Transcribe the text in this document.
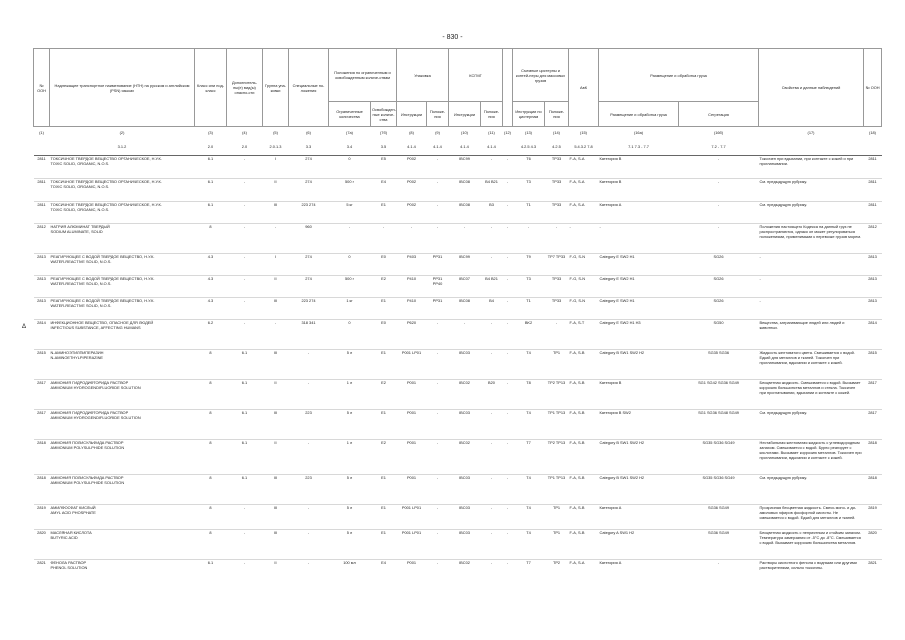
- 830 -
№ ООН	Надлежащее транспортное наименование (НТН) на русском и английском (PSN) языках	Класс или под-класс	Дополнитель-ны(е) вид(ы) опасно-сти	Группа упа-ковки	Специальные по-ложения	Положения по ограниченным и освобожденным количе-ствам		Упаковка		КСГМГ			Съемные цистерны и контей-неры для массовых грузов		АвК	Размещение и обработка груза		Свойства и данные наблюдений	№ ООН
						Ограниченные количества	Освобожден-ные количе-ства	Инструкции	Положе-ния	Инструкции	Положе-ния		Инструкции по цистернам	Положе-ния		Размещение и обработка груза	Сегрегация		
(1)	(2)	(3)	(4)	(5)	(6)	(7a)	(7б)	(8)	(9)	(10)	(11)	(12)	(13)	(14)	(15)	(16a)	(16б)	(17)	(18)
	3.1.2	2.0	2.0	2.0.1.3	3.3	3.4	3.5	4.1.4	4.1.4	4.1.4	4.1.4		4.2.5 4.3	4.2.5	5.4.3.2 7.8	7.1 7.3 - 7.7	7.2 - 7.7		
2811	ТОКСИЧНОЕ ТВЕРДОЕ ВЕЩЕСТВО ОРГАНИЧЕСКОЕ, Н.У.К.
TOXIC SOLID, ORGANIC, N.O.S.	6.1	-	I	274	0	E5	P002	-	IBC99	-	-	T6	TP33	F-A, S-A	Категория B	-	Токсичен при вдыхании, при контакте с кожей и при проглатывании.	2811
2811	ТОКСИЧНОЕ ТВЕРДОЕ ВЕЩЕСТВО ОРГАНИЧЕСКОЕ, Н.У.К.
TOXIC SOLID, ORGANIC, N.O.S.	6.1	-	II	274	500 г	E4	P002	-	IBC08	B4 B21	-	T3	TP33	F-A, S-A	Категория B	-	См. предыдущую рубрику.	2811
2811	ТОКСИЧНОЕ ТВЕРДОЕ ВЕЩЕСТВО ОРГАНИЧЕСКОЕ, Н.У.К.
TOXIC SOLID, ORGANIC, N.O.S.	6.1	-	III	223 274	5 кг	E1	P002	-	IBC08	B3	-	T1	TP33	F-A, S-A	Категория A	-	См. предыдущую рубрику.	2811
2812	НАТРИЯ АЛЮМИНАТ ТВЕРДЫЙ
SODIUM ALUMINATE, SOLID	8	-	-	960	-	-	-	-	-	-	-	-	-	-	-	-	Положения настоящего Кодекса на данный груз не распространяются, однако он может регулироваться положениями, применимыми к перевозке грузов морем.	2812
2813	РЕАГИРУЮЩЕЕ С ВОДОЙ ТВЕРДОЕ ВЕЩЕСТВО, Н.У.К.
WATER-REACTIVE SOLID, N.O.S.	4.3	-	I	274	0	E0	P403	PP31	IBC99	-	-	T9	TP7 TP33	F-G, S-N	Category E SW2 H1	SG26	-	2813
2813	РЕАГИРУЮЩЕЕ С ВОДОЙ ТВЕРДОЕ ВЕЩЕСТВО, Н.У.К.
WATER-REACTIVE SOLID, N.O.S.	4.3	-	II	274	500 г	E2	P410	PP31 PP40	IBC07	B4 B21	-	T3	TP33	F-G, S-N	Category E SW2 H1	SG26	-	2813
2813	РЕАГИРУЮЩЕЕ С ВОДОЙ ТВЕРДОЕ ВЕЩЕСТВО, Н.У.К.
WATER-REACTIVE SOLID, N.O.S.	4.3	-	III	223 274	1 кг	E1	P410	PP31	IBC08	B4	-	T1	TP33	F-G, S-N	Category E SW2 H1	SG26	-	2813
2814	ИНФЕКЦИОННОЕ ВЕЩЕСТВО, ОПАСНОЕ ДЛЯ ЛЮДЕЙ
INFECTIOUS SUBSTANCE, AFFECTING HUMANS	6.2	-	-	318 341	0	E0	P620	-	-	-	-	BK2	-	F-A, S-T	Category E SW2 H1 H3	SG50	Вещества, затрагивающие людей или людей и животных.	2814
2815	N-АМИНОЭТИЛПИПЕРАЗИН
N-AMINOETHYLPIPERAZINE	8	6.1	III	-	5 л	E1	P001 LP01	-	IBC03	-	-	T4	TP1	F-A, S-B	Category B SW1 SW2 H2	SG35 SG36	Жидкость желтоватого цвета. Смешивается с водой. Едкий для металлов и тканей. Токсичен при проглатывании, вдыхании и контакте с кожей.	2815
2817	АММОНИЯ ГИДРОДИФТОРИДА РАСТВОР
AMMONIUM HYDROGENDIFLUORIDE SOLUTION	8	6.1	II	-	1 л	E2	P001	-	IBC02	B20	-	T8	TP2 TP13	F-A, S-B	Категория B	SG1 SG42 SG36 SG49	Бесцветная жидкость. Смешивается с водой. Вызывает коррозию большинства металлов и стекла. Токсичен при проглатывании, вдыхании и контакте с кожей.	2817
2817	АММОНИЯ ГИДРОДИФТОРИДА РАСТВОР
AMMONIUM HYDROGENDIFLUORIDE SOLUTION	8	6.1	III	223	5 л	E1	P001	-	IBC03	-	-	T4	TP1 TP13	F-A, S-B	Категория B SW2	SG1 SG36 SG48 SG49	См. предыдущую рубрику.	2817
2818	АММОНИЯ ПОЛИСУЛЬФИДА РАСТВОР
AMMONIUM POLYSULPHIDE SOLUTION	8	6.1	II	-	1 л	E2	P001	-	IBC02	-	-	T7	TP2 TP13	F-A, S-B	Category B SW1 SW2 H2	SG35 SG36 SG49	Нестабильная желтоватая жидкость с углеводородным запахом. Смешивается с водой. Бурно реагирует с кислотами. Вызывает коррозию металлов. Токсичен при проглатывании, вдыхании и контакте с кожей.	2818
2818	АММОНИЯ ПОЛИСУЛЬФИДА РАСТВОР
AMMONIUM POLYSULPHIDE SOLUTION	8	6.1	III	223	5 л	E1	P001	-	IBC03	-	-	T4	TP1 TP13	F-A, S-B	Category B SW1 SW2 H2	SG35 SG36 SG49	См. предыдущую рубрику.	2818
2819	АМИЛФОСФАТ КИСЛЫЙ
AMYL ACID PHOSPHATE	8	-	III	-	5 л	E1	P001 LP01	-	IBC03	-	-	T4	TP1	F-A, S-B	Категория A	SG36 SG49	Прозрачная бесцветная жидкость. Смесь моно- и ди-амиловых эфиров фосфорной кислоты. Не смешивается с водой. Едкий для металлов и тканей.	2819
2820	МАСЛЯНАЯ КИСЛОТА
BUTYRIC ACID	8	-	III	-	5 л	E1	P001 LP01	-	IBC03	-	-	T4	TP1	F-A, S-B	Category A SW1 H2	SG36 SG49	Бесцветная жидкость с неприятным и стойким запахом. Температура замерзания от -5°C до -8°C. Смешивается с водой. Вызывает коррозию большинства металлов.	2820
2821	ФЕНОЛА РАСТВОР
PHENOL SOLUTION	6.1	-	II	-	100 мл	E4	P001	-	IBC02	-	-	T7	TP2	F-A, S-A	Категория A	-	Растворы кислотного фенола с водными или другими растворителями, сильно токсичны.	2821
Δ
